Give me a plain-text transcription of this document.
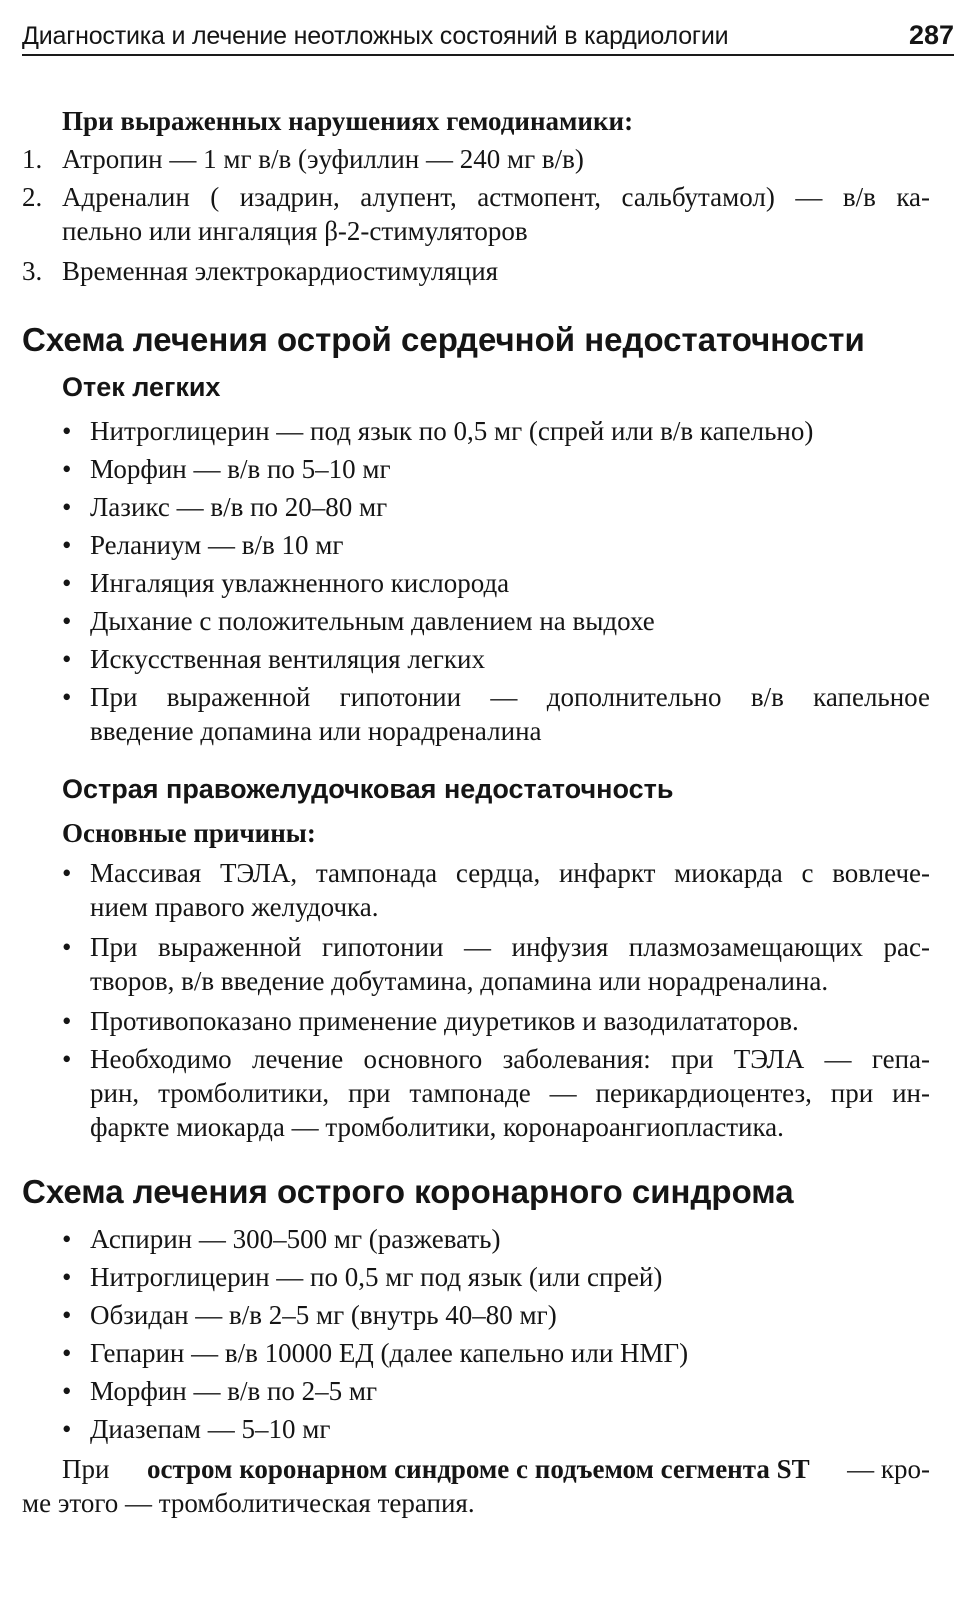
Диагностика и лечение неотложных состояний в кардиологии	287
При выраженных нарушениях гемодинамики:
1. Атропин — 1 мг в/в (эуфиллин — 240 мг в/в)
2. Адреналин ( изадрин, алупент, астмопент, сальбутамол) — в/в ка-
пельно или ингаляция β-2-стимуляторов
3. Временная электрокардиостимуляция
Схема лечения острой сердечной недостаточности
Отек легких
• Нитроглицерин — под язык по 0,5 мг (спрей или в/в капельно)
• Морфин — в/в по 5–10 мг
• Лазикс — в/в по 20–80 мг
• Реланиум — в/в 10 мг
• Ингаляция увлажненного кислорода
• Дыхание с положительным давлением на выдохе
• Искусственная вентиляция легких
• При выраженной гипотонии — дополнительно в/в капельное
введение допамина или норадреналина
Острая правожелудочковая недостаточность
Основные причины:
• Массивая ТЭЛА, тампонада сердца, инфаркт миокарда с вовлече-
нием правого желудочка.
• При выраженной гипотонии — инфузия плазмозамещающих рас-
творов, в/в введение добутамина, допамина или норадреналина.
• Противопоказано применение диуретиков и вазодилататоров.
• Необходимо лечение основного заболевания: при ТЭЛА — гепа-
рин, тромболитики, при тампонаде — перикардиоцентез, при ин-
фаркте миокарда — тромболитики, коронароангиопластика.
Схема лечения острого коронарного синдрома
• Аспирин — 300–500 мг (разжевать)
• Нитроглицерин — по 0,5 мг под язык (или спрей)
• Обзидан — в/в 2–5 мг (внутрь 40–80 мг)
• Гепарин — в/в 10000 ЕД (далее капельно или НМГ)
• Морфин — в/в по 2–5 мг
• Диазепам — 5–10 мг
При остром коронарном синдроме с подъемом сегмента ST — кро-
ме этого — тромболитическая терапия.
